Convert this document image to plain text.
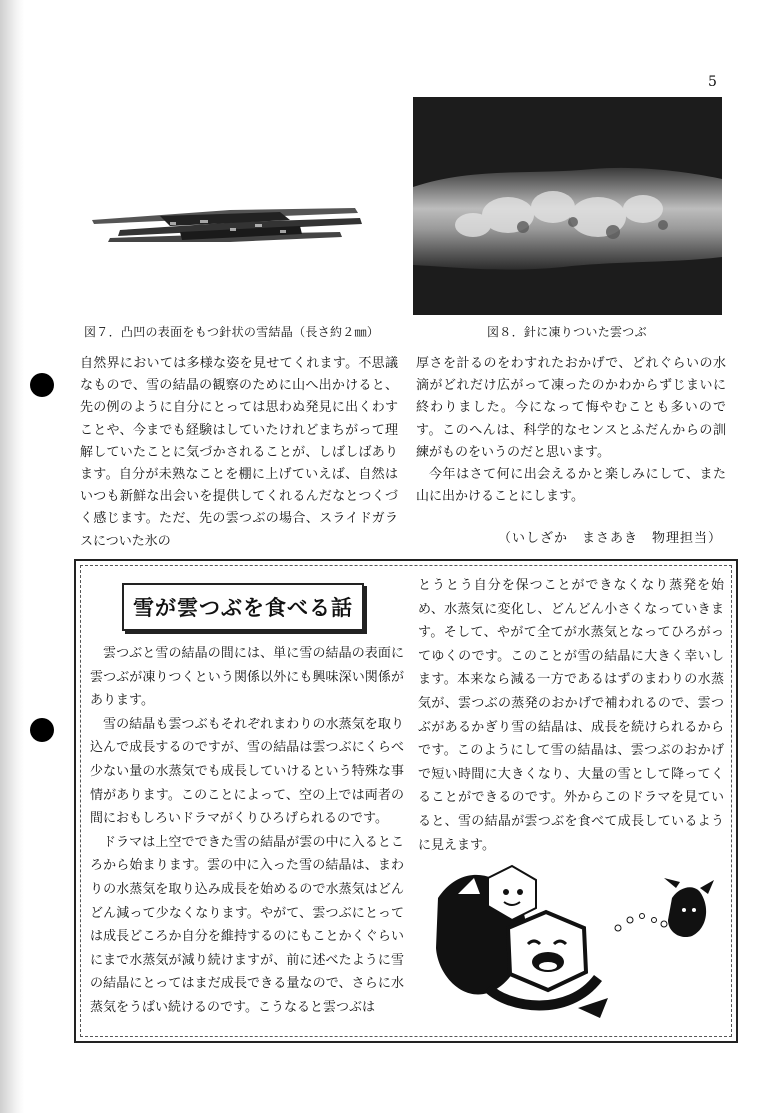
5
図７．凸凹の表面をもつ針状の雪結晶（長さ約２㎜）	図８．針に凍りついた雲つぶ

自然界においては多様な姿を見せてくれます。不思議なもので、雪の結晶の観察のために山へ出かけると、先の例のように自分にとっては思わぬ発見に出くわすことや、今までも経験はしていたけれどまちがって理解していたことに気づかされることが、しばしばあります。自分が未熟なことを棚に上げていえば、自然はいつも新鮮な出会いを提供してくれるんだなとつくづく感じます。ただ、先の雲つぶの場合、スライドガラスについた氷の

厚さを計るのをわすれたおかげで、どれぐらいの水滴がどれだけ広がって凍ったのかわからずじまいに終わりました。今になって悔やむことも多いのです。このへんは、科学的なセンスとふだんからの訓練がものをいうのだと思います。

今年はさて何に出会えるかと楽しみにして、また山に出かけることにします。

（いしざか　まさあき　物理担当）
雪が雲つぶを食べる話

雲つぶと雪の結晶の間には、単に雪の結晶の表面に雲つぶが凍りつくという関係以外にも興味深い関係があります。

雪の結晶も雲つぶもそれぞれまわりの水蒸気を取り込んで成長するのですが、雪の結晶は雲つぶにくらべ少ない量の水蒸気でも成長していけるという特殊な事情があります。このことによって、空の上では両者の間におもしろいドラマがくりひろげられるのです。

ドラマは上空でできた雪の結晶が雲の中に入るところから始まります。雲の中に入った雪の結晶は、まわりの水蒸気を取り込み成長を始めるので水蒸気はどんどん減って少なくなります。やがて、雲つぶにとっては成長どころか自分を維持するのにもことかくぐらいにまで水蒸気が減り続けますが、前に述べたように雪の結晶にとってはまだ成長できる量なので、さらに水蒸気をうばい続けるのです。こうなると雲つぶは

とうとう自分を保つことができなくなり蒸発を始め、水蒸気に変化し、どんどん小さくなっていきます。そして、やがて全てが水蒸気となってひろがってゆくのです。このことが雪の結晶に大きく幸いします。本来なら減る一方であるはずのまわりの水蒸気が、雲つぶの蒸発のおかげで補われるので、雲つぶがあるかぎり雪の結晶は、成長を続けられるからです。このようにして雪の結晶は、雲つぶのおかげで短い時間に大きくなり、大量の雪として降ってくることができるのです。外からこのドラマを見ていると、雪の結晶が雲つぶを食べて成長しているように見えます。
